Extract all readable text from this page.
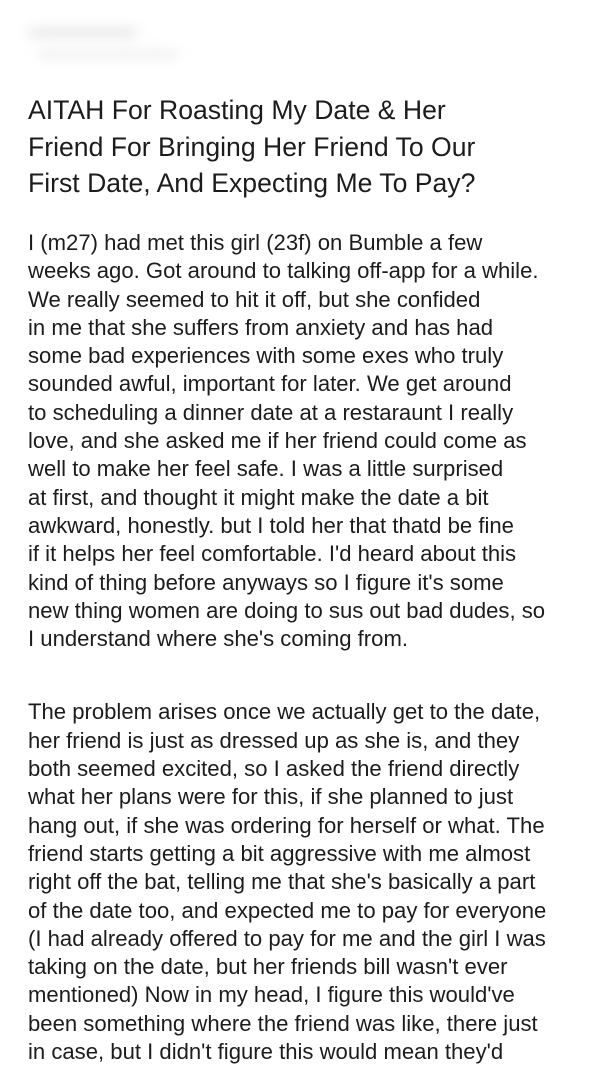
AITAH For Roasting My Date & Her
Friend For Bringing Her Friend To Our
First Date, And Expecting Me To Pay?

I (m27) had met this girl (23f) on Bumble a few
weeks ago. Got around to talking off-app for a while.
We really seemed to hit it off, but she confided
in me that she suffers from anxiety and has had
some bad experiences with some exes who truly
sounded awful, important for later. We get around
to scheduling a dinner date at a restaraunt I really
love, and she asked me if her friend could come as
well to make her feel safe. I was a little surprised
at first, and thought it might make the date a bit
awkward, honestly. but I told her that thatd be fine
if it helps her feel comfortable. I'd heard about this
kind of thing before anyways so I figure it's some
new thing women are doing to sus out bad dudes, so
I understand where she's coming from.

The problem arises once we actually get to the date,
her friend is just as dressed up as she is, and they
both seemed excited, so I asked the friend directly
what her plans were for this, if she planned to just
hang out, if she was ordering for herself or what. The
friend starts getting a bit aggressive with me almost
right off the bat, telling me that she's basically a part
of the date too, and expected me to pay for everyone
(I had already offered to pay for me and the girl I was
taking on the date, but her friends bill wasn't ever
mentioned) Now in my head, I figure this would've
been something where the friend was like, there just
in case, but I didn't figure this would mean they'd
